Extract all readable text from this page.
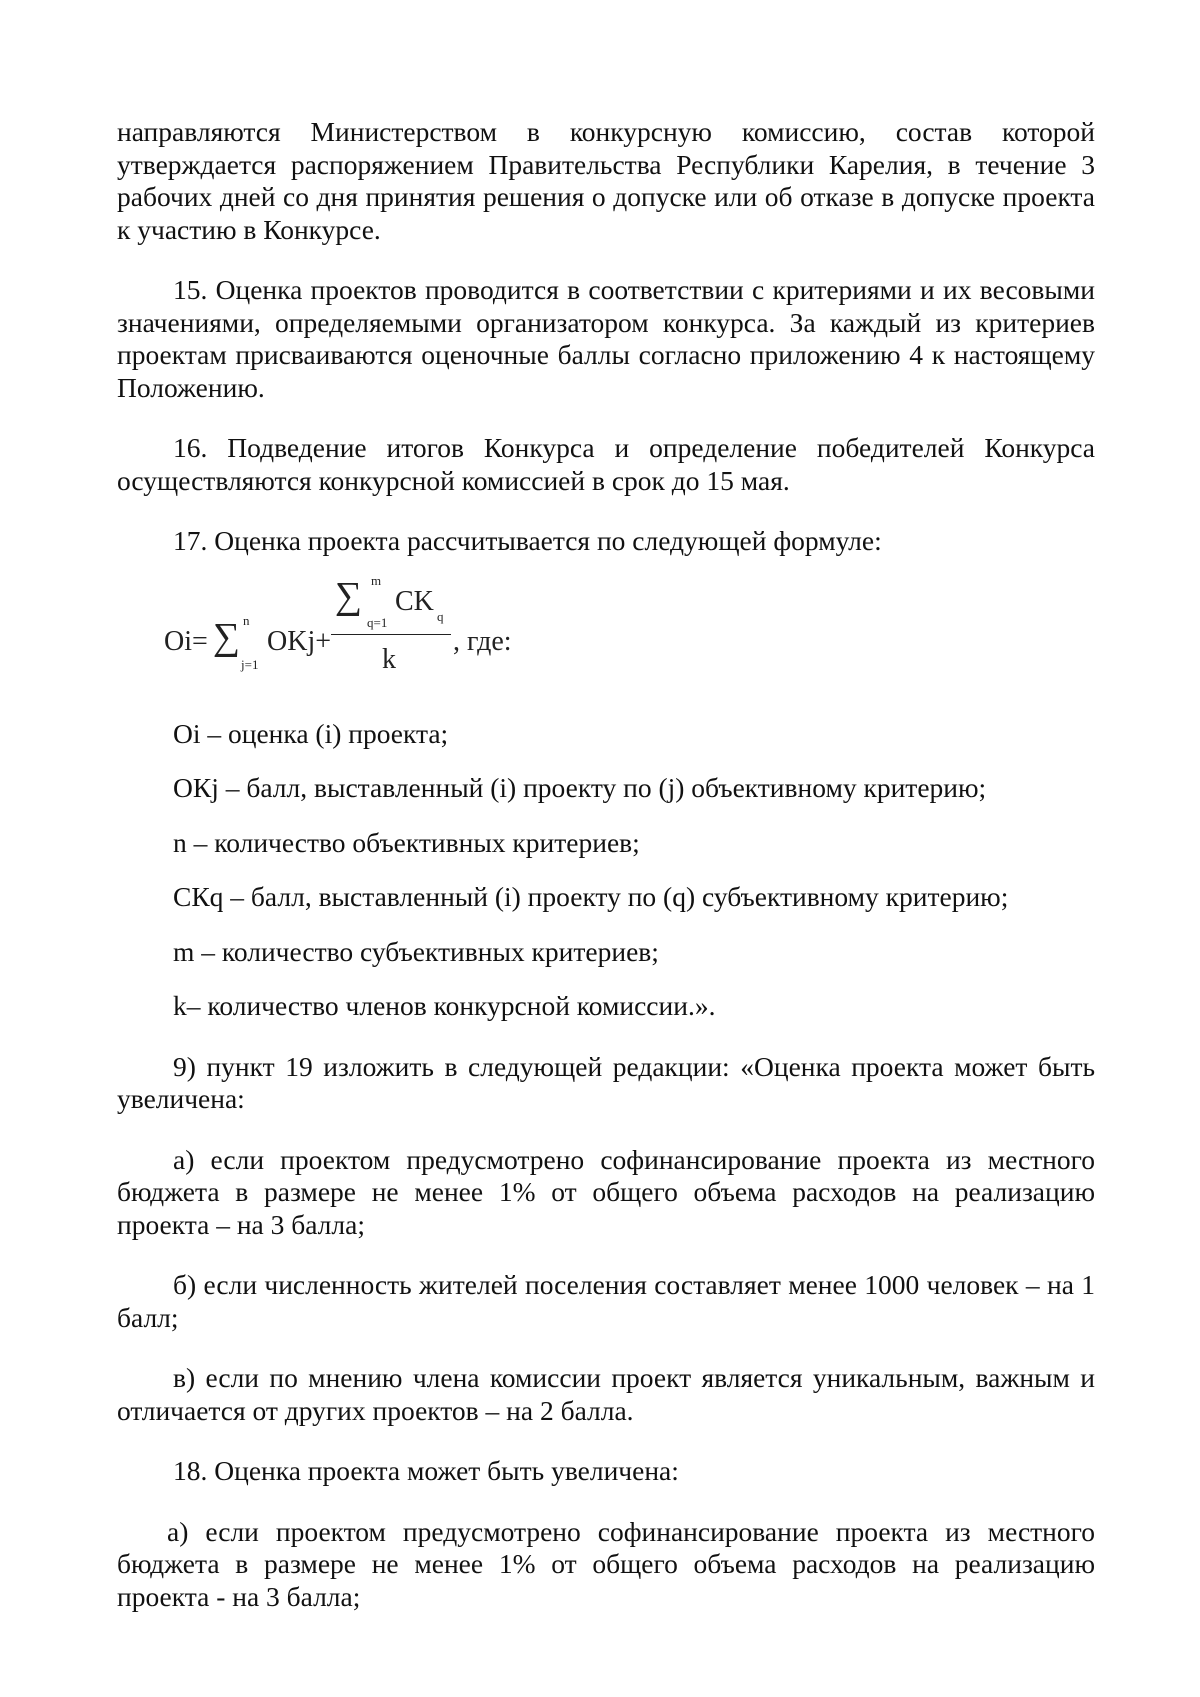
направляются Министерством в конкурсную комиссию, состав которой утверждается распоряжением Правительства Республики Карелия, в течение 3 рабочих дней со дня принятия решения о допуске или об отказе в допуске проекта к участию в Конкурсе.

15. Оценка проектов проводится в соответствии с критериями и их весовыми значениями, определяемыми организатором конкурса. За каждый из критериев проектам присваиваются оценочные баллы согласно приложению 4 к настоящему Положению.

16. Подведение итогов Конкурса и определение победителей Конкурса осуществляются конкурсной комиссией в срок до 15 мая.

17. Оценка проекта рассчитывается по следующей формуле:

Oi= ∑ n
j=1
OKj+
∑ m
q=1
CK q
k
, где:

Oi – оценка (i) проекта;

ОКj – балл, выставленный (i) проекту по (j) объективному критерию;

n – количество объективных критериев;

СКq – балл, выставленный (i) проекту по (q) субъективному критерию;

m – количество субъективных критериев;

k– количество членов конкурсной комиссии.».

9) пункт 19 изложить в следующей редакции: «Оценка проекта может быть увеличена:

а) если проектом предусмотрено софинансирование проекта из местного бюджета в размере не менее 1% от общего объема расходов на реализацию проекта – на 3 балла;

б) если численность жителей поселения составляет менее 1000 человек – на 1 балл;

в) если по мнению члена комиссии проект является уникальным, важным и отличается от других проектов – на 2 балла.

18. Оценка проекта может быть увеличена:

а) если проектом предусмотрено софинансирование проекта из местного бюджета в размере не менее 1% от общего объема расходов на реализацию проекта - на 3 балла;
